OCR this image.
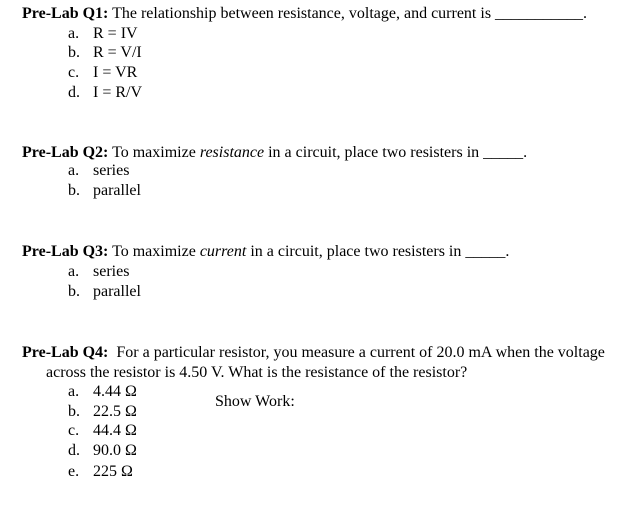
Pre-Lab Q1: The relationship between resistance, voltage, and current is ___________.
a. R = IV
b. R = V/I
c. I = VR
d. I = R/V
Pre-Lab Q2: To maximize resistance in a circuit, place two resisters in _____.
a. series
b. parallel
Pre-Lab Q3: To maximize current in a circuit, place two resisters in _____.
a. series
b. parallel
Pre-Lab Q4:  For a particular resistor, you measure a current of 20.0 mA when the voltage
across the resistor is 4.50 V. What is the resistance of the resistor?
a. 4.44 Ω
b. 22.5 Ω
c. 44.4 Ω
d. 90.0 Ω
e. 225 Ω
Show Work:
